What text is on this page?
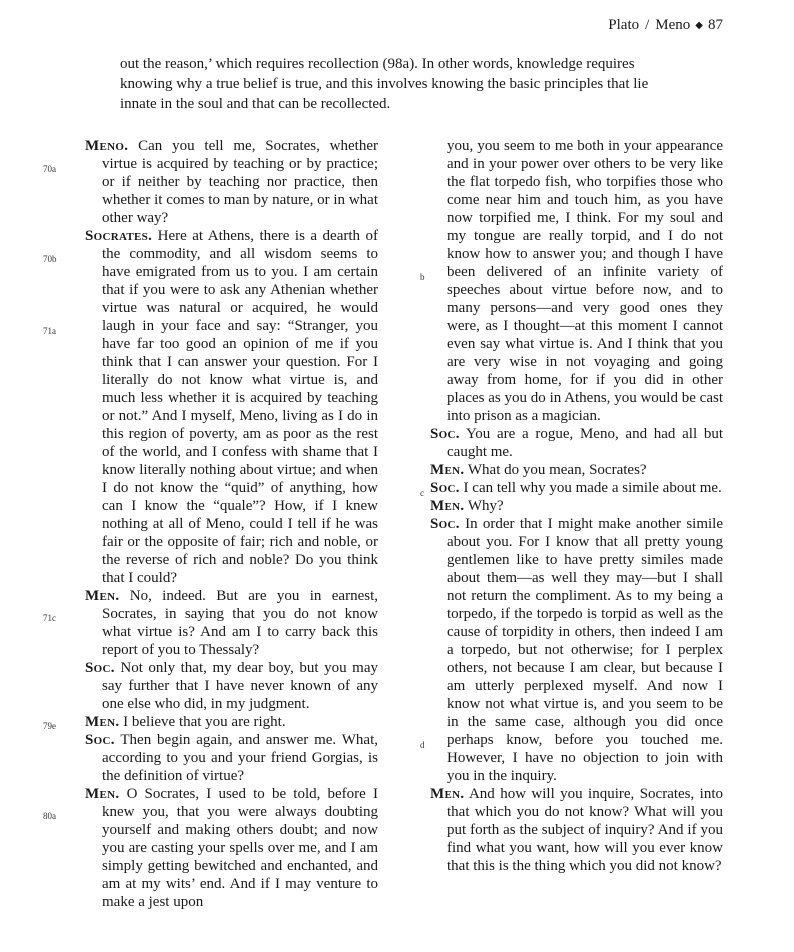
Plato / Meno ◆ 87

out the reason,’ which requires recollection (98a). In other words, knowledge requires knowing why a true belief is true, and this involves knowing the basic principles that lie innate in the soul and that can be recollected.

70a
70b
71a
71c
79e
80a

Meno. Can you tell me, Socrates, whether virtue is acquired by teaching or by practice; or if neither by teaching nor practice, then whether it comes to man by nature, or in what other way?

Socrates. Here at Athens, there is a dearth of the commodity, and all wisdom seems to have emigrated from us to you. I am certain that if you were to ask any Athenian whether virtue was natural or acquired, he would laugh in your face and say: “Stranger, you have far too good an opinion of me if you think that I can answer your question. For I literally do not know what virtue is, and much less whether it is acquired by teaching or not.” And I myself, Meno, living as I do in this region of poverty, am as poor as the rest of the world, and I confess with shame that I know literally nothing about virtue; and when I do not know the “quid” of anything, how can I know the “quale”? How, if I knew nothing at all of Meno, could I tell if he was fair or the opposite of fair; rich and noble, or the reverse of rich and noble? Do you think that I could?

Men. No, indeed. But are you in earnest, Socrates, in saying that you do not know what virtue is? And am I to carry back this report of you to Thessaly?

Soc. Not only that, my dear boy, but you may say further that I have never known of any one else who did, in my judgment.

Men. I believe that you are right.

Soc. Then begin again, and answer me. What, according to you and your friend Gorgias, is the definition of virtue?

Men. O Socrates, I used to be told, before I knew you, that you were always doubting yourself and making others doubt; and now you are casting your spells over me, and I am simply getting bewitched and enchanted, and am at my wits’ end. And if I may venture to make a jest upon

b
c
d

you, you seem to me both in your appearance and in your power over others to be very like the flat torpedo fish, who torpifies those who come near him and touch him, as you have now torpified me, I think. For my soul and my tongue are really torpid, and I do not know how to answer you; and though I have been delivered of an infinite variety of speeches about virtue before now, and to many persons—and very good ones they were, as I thought—at this moment I cannot even say what virtue is. And I think that you are very wise in not voyaging and going away from home, for if you did in other places as you do in Athens, you would be cast into prison as a magician.

Soc. You are a rogue, Meno, and had all but caught me.

Men. What do you mean, Socrates?

Soc. I can tell why you made a simile about me.

Men. Why?

Soc. In order that I might make another simile about you. For I know that all pretty young gentlemen like to have pretty similes made about them—as well they may—but I shall not return the compliment. As to my being a torpedo, if the torpedo is torpid as well as the cause of torpidity in others, then indeed I am a torpedo, but not otherwise; for I perplex others, not because I am clear, but because I am utterly perplexed myself. And now I know not what virtue is, and you seem to be in the same case, although you did once perhaps know, before you touched me. However, I have no objection to join with you in the inquiry.

Men. And how will you inquire, Socrates, into that which you do not know? What will you put forth as the subject of inquiry? And if you find what you want, how will you ever know that this is the thing which you did not know?
